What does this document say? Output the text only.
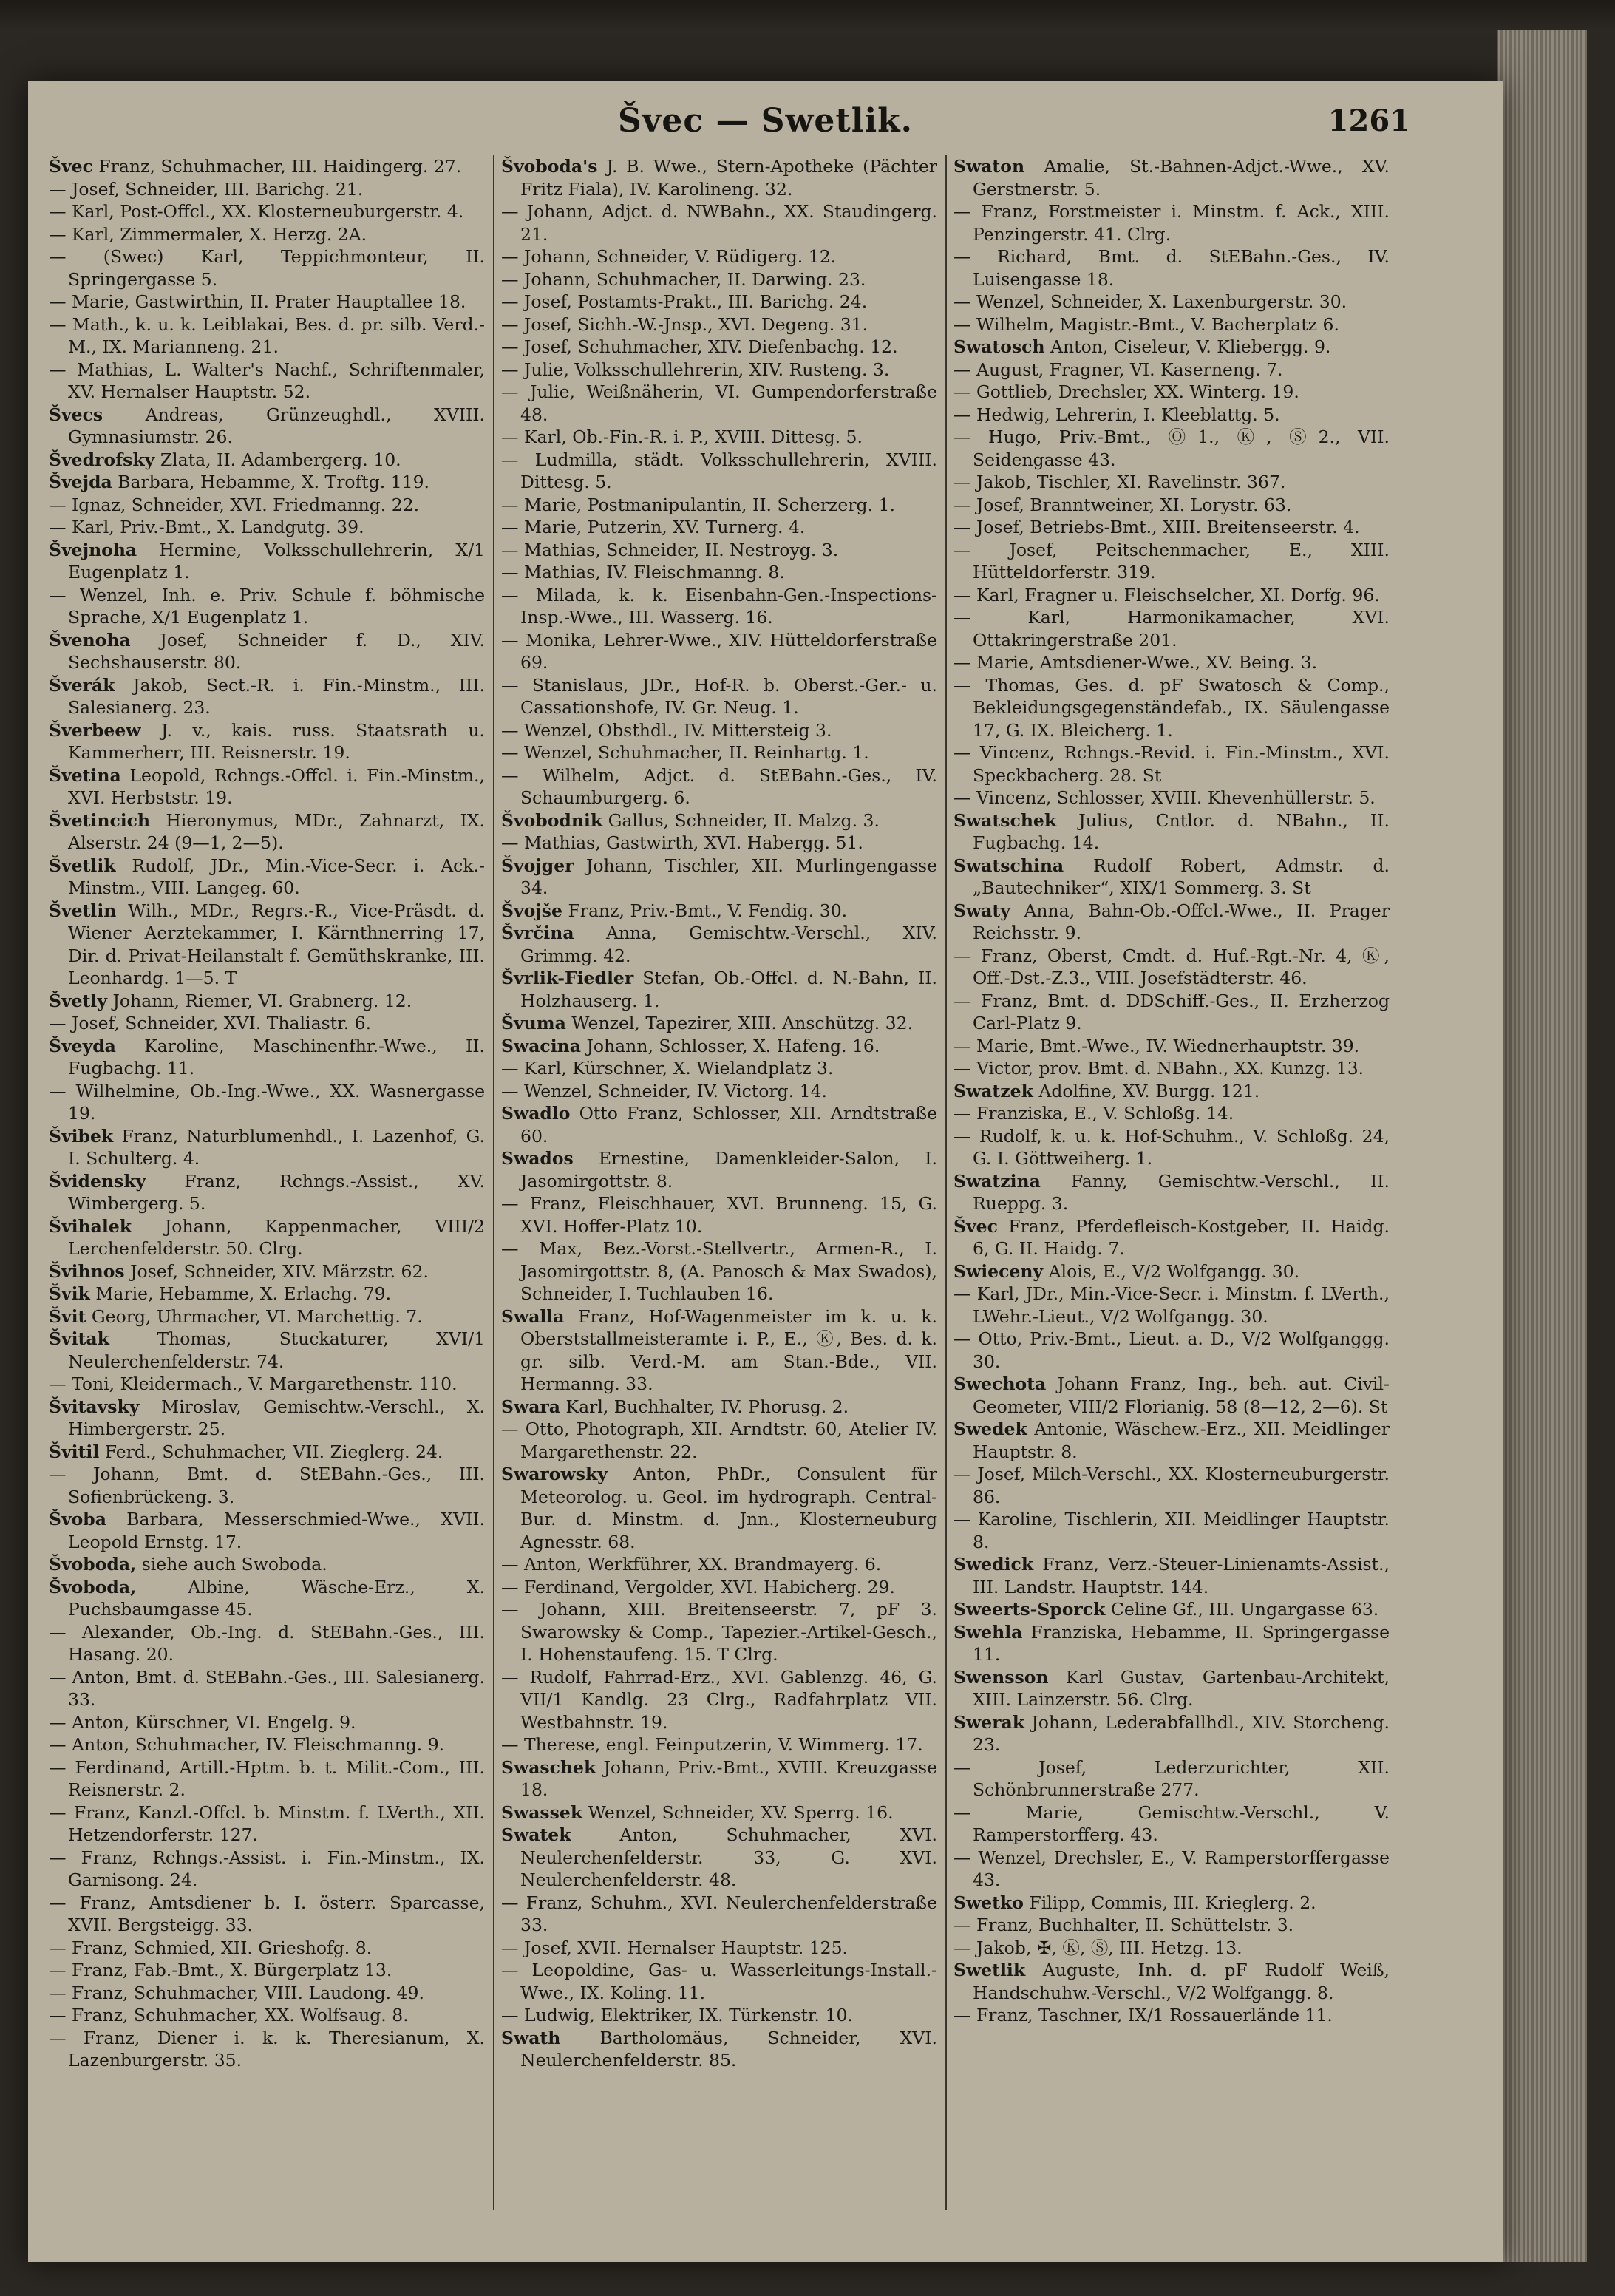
Švec — Swetlik.	1261

Švec Franz, Schuhmacher, III. Haidingerg. 27.

— Josef, Schneider, III. Barichg. 21.

— Karl, Post-Offcl., XX. Klosterneuburgerstr. 4.

— Karl, Zimmermaler, X. Herzg. 2A.

— (Swec) Karl, Teppichmonteur, II. Springergasse 5.

— Marie, Gastwirthin, II. Prater Hauptallee 18.

— Math., k. u. k. Leiblakai, Bes. d. pr. silb. Verd.-M., IX. Marianneng. 21.

— Mathias, L. Walter's Nachf., Schriftenmaler, XV. Hernalser Hauptstr. 52.

Švecs Andreas, Grünzeughdl., XVIII. Gymnasiumstr. 26.

Švedrofsky Zlata, II. Adambergerg. 10.

Švejda Barbara, Hebamme, X. Troftg. 119.

— Ignaz, Schneider, XVI. Friedmanng. 22.

— Karl, Priv.-Bmt., X. Landgutg. 39.

Švejnoha Hermine, Volksschullehrerin, X/1 Eugenplatz 1.

— Wenzel, Inh. e. Priv. Schule f. böhmische Sprache, X/1 Eugenplatz 1.

Švenoha Josef, Schneider f. D., XIV. Sechshauserstr. 80.

Šverák Jakob, Sect.-R. i. Fin.-Minstm., III. Salesianerg. 23.

Šverbeew J. v., kais. russ. Staatsrath u. Kammerherr, III. Reisnerstr. 19.

Švetina Leopold, Rchngs.-Offcl. i. Fin.-Minstm., XVI. Herbststr. 19.

Švetincich Hieronymus, MDr., Zahnarzt, IX. Alserstr. 24 (9—1, 2—5).

Švetlik Rudolf, JDr., Min.-Vice-Secr. i. Ack.-Minstm., VIII. Langeg. 60.

Švetlin Wilh., MDr., Regrs.-R., Vice-Präsdt. d. Wiener Aerztekammer, I. Kärnthnerring 17, Dir. d. Privat-Heilanstalt f. Gemüthskranke, III. Leonhardg. 1—5. T

Švetly Johann, Riemer, VI. Grabnerg. 12.

— Josef, Schneider, XVI. Thaliastr. 6.

Šveyda Karoline, Maschinenfhr.-Wwe., II. Fugbachg. 11.

— Wilhelmine, Ob.-Ing.-Wwe., XX. Wasnergasse 19.

Švibek Franz, Naturblumenhdl., I. Lazenhof, G. I. Schulterg. 4.

Švidensky Franz, Rchngs.-Assist., XV. Wimbergerg. 5.

Švihalek Johann, Kappenmacher, VIII/2 Lerchenfelderstr. 50. Clrg.

Švihnos Josef, Schneider, XIV. Märzstr. 62.

Švik Marie, Hebamme, X. Erlachg. 79.

Švit Georg, Uhrmacher, VI. Marchettig. 7.

Švitak	Thomas, Stuckaturer, XVI/1 Neulerchenfelderstr. 74.

— Toni, Kleidermach., V. Margarethenstr. 110.

Švitavsky Miroslav, Gemischtw.-Verschl., X. Himbergerstr. 25.

Švitil Ferd., Schuhmacher, VII. Zieglerg. 24.

— Johann, Bmt. d. StEBahn.-Ges., III. Sofienbrückeng. 3.

Švoba Barbara, Messerschmied-Wwe., XVII. Leopold Ernstg. 17.

Švoboda, siehe auch Swoboda.

Švoboda,	Albine, Wäsche-Erz., X. Puchsbaumgasse 45.

— Alexander, Ob.-Ing. d. StEBahn.-Ges., III. Hasang. 20.

— Anton, Bmt. d. StEBahn.-Ges., III. Salesianerg. 33.

— Anton, Kürschner, VI. Engelg. 9.

— Anton, Schuhmacher, IV. Fleischmanng. 9.

— Ferdinand, Artill.-Hptm. b. t. Milit.-Com., III. Reisnerstr. 2.

— Franz, Kanzl.-Offcl. b. Minstm. f. LVerth., XII. Hetzendorferstr. 127.

— Franz, Rchngs.-Assist. i. Fin.-Minstm., IX. Garnisong. 24.

— Franz, Amtsdiener b. I. österr. Sparcasse, XVII. Bergsteigg. 33.

— Franz, Schmied, XII. Grieshofg. 8.

— Franz, Fab.-Bmt., X. Bürgerplatz 13.

— Franz, Schuhmacher, VIII. Laudong. 49.

— Franz, Schuhmacher, XX. Wolfsaug. 8.

— Franz, Diener i. k. k. Theresianum, X. Lazenburgerstr. 35.

Švoboda's J. B. Wwe., Stern-Apotheke (Pächter Fritz Fiala), IV. Karolineng. 32.

— Johann, Adjct. d. NWBahn., XX. Staudingerg. 21.

— Johann, Schneider, V. Rüdigerg. 12.

— Johann, Schuhmacher, II. Darwing. 23.

— Josef, Postamts-Prakt., III. Barichg. 24.

— Josef, Sichh.-W.-Jnsp., XVI. Degeng. 31.

— Josef, Schuhmacher, XIV. Diefenbachg. 12.

— Julie, Volksschullehrerin, XIV. Rusteng. 3.

— Julie, Weißnäherin, VI. Gumpendorferstraße 48.

— Karl, Ob.-Fin.-R. i. P., XVIII. Dittesg. 5.

— Ludmilla, städt. Volksschullehrerin, XVIII. Dittesg. 5.

— Marie, Postmanipulantin, II. Scherzerg. 1.

— Marie, Putzerin, XV. Turnerg. 4.

— Mathias, Schneider, II. Nestroyg. 3.

— Mathias, IV. Fleischmanng. 8.

— Milada, k. k. Eisenbahn-Gen.-Inspections-Insp.-Wwe., III. Wasserg. 16.

— Monika, Lehrer-Wwe., XIV. Hütteldorferstraße 69.

— Stanislaus, JDr., Hof-R. b. Oberst.-Ger.- u. Cassationshofe, IV. Gr. Neug. 1.

— Wenzel, Obsthdl., IV. Mittersteig 3.

— Wenzel, Schuhmacher, II. Reinhartg. 1.

— Wilhelm, Adjct. d. StEBahn.-Ges., IV. Schaumburgerg. 6.

Švobodnik Gallus, Schneider, II. Malzg. 3.

— Mathias, Gastwirth, XVI. Habergg. 51.

Švojger Johann, Tischler, XII. Murlingengasse 34.

Švojše Franz, Priv.-Bmt., V. Fendig. 30.

Švrčina Anna, Gemischtw.-Verschl., XIV. Grimmg. 42.

Švrlik-Fiedler Stefan, Ob.-Offcl. d. N.-Bahn, II. Holzhauserg. 1.

Švuma Wenzel, Tapezirer, XIII. Anschützg. 32.

Swacina Johann, Schlosser, X. Hafeng. 16.

— Karl, Kürschner, X. Wielandplatz 3.

— Wenzel, Schneider, IV. Victorg. 14.

Swadlo Otto Franz, Schlosser, XII. Arndtstraße 60.

Swados Ernestine, Damenkleider-Salon, I. Jasomirgottstr. 8.

— Franz, Fleischhauer, XVI. Brunneng. 15, G. XVI. Hoffer-Platz 10.

— Max, Bez.-Vorst.-Stellvertr., Armen-R., I. Jasomirgottstr. 8, (A. Panosch & Max Swados), Schneider, I. Tuchlauben 16.

Swalla Franz, Hof-Wagenmeister im k. u. k. Oberststallmeisteramte i. P., E., Ⓚ, Bes. d. k. gr. silb. Verd.-M. am Stan.-Bde., VII. Hermanng. 33.

Swara Karl, Buchhalter, IV. Phorusg. 2.

— Otto, Photograph, XII. Arndtstr. 60, Atelier IV. Margarethenstr. 22.

Swarowsky Anton, PhDr., Consulent für Meteorolog. u. Geol. im hydrograph. Central-Bur. d. Minstm. d. Jnn., Klosterneuburg Agnesstr. 68.

— Anton, Werkführer, XX. Brandmayerg. 6.

— Ferdinand, Vergolder, XVI. Habicherg. 29.

— Johann, XIII. Breitenseerstr. 7, pF 3. Swarowsky & Comp., Tapezier.-Artikel-Gesch., I. Hohenstaufeng. 15. T Clrg.

— Rudolf, Fahrrad-Erz., XVI. Gablenzg. 46, G. VII/1 Kandlg. 23 Clrg., Radfahrplatz VII. Westbahnstr. 19.

— Therese, engl. Feinputzerin, V. Wimmerg. 17.

Swaschek Johann, Priv.-Bmt., XVIII. Kreuzgasse 18.

Swassek Wenzel, Schneider, XV. Sperrg. 16.

Swatek	Anton, Schuhmacher, XVI. Neulerchenfelderstr. 33, G. XVI. Neulerchenfelderstr. 48.

— Franz, Schuhm., XVI. Neulerchenfelderstraße 33.

— Josef, XVII. Hernalser Hauptstr. 125.

— Leopoldine, Gas- u. Wasserleitungs-Install.-Wwe., IX. Koling. 11.

— Ludwig, Elektriker, IX. Türkenstr. 10.

Swath Bartholomäus, Schneider, XVI. Neulerchenfelderstr. 85.

Swaton Amalie, St.-Bahnen-Adjct.-Wwe., XV. Gerstnerstr. 5.

— Franz, Forstmeister i. Minstm. f. Ack., XIII. Penzingerstr. 41. Clrg.

— Richard, Bmt. d. StEBahn.-Ges., IV. Luisengasse 18.

— Wenzel, Schneider, X. Laxenburgerstr. 30.

— Wilhelm, Magistr.-Bmt., V. Bacherplatz 6.

Swatosch Anton, Ciseleur, V. Kliebergg. 9.

— August, Fragner, VI. Kaserneng. 7.

— Gottlieb, Drechsler, XX. Winterg. 19.

— Hedwig, Lehrerin, I. Kleeblattg. 5.

— Hugo, Priv.-Bmt., Ⓞ1., Ⓚ, Ⓢ2., VII. Seidengasse 43.

— Jakob, Tischler, XI. Ravelinstr. 367.

— Josef, Branntweiner, XI. Lorystr. 63.

— Josef, Betriebs-Bmt., XIII. Breitenseerstr. 4.

— Josef, Peitschenmacher, E., XIII. Hütteldorferstr. 319.

— Karl, Fragner u. Fleischselcher, XI. Dorfg. 96.

— Karl, Harmonikamacher, XVI. Ottakringerstraße 201.

— Marie, Amtsdiener-Wwe., XV. Being. 3.

— Thomas, Ges. d. pF Swatosch & Comp., Bekleidungsgegenständefab., IX. Säulengasse 17, G. IX. Bleicherg. 1.

— Vincenz, Rchngs.-Revid. i. Fin.-Minstm., XVI. Speckbacherg. 28. St

— Vincenz, Schlosser, XVIII. Khevenhüllerstr. 5.

Swatschek Julius, Cntlor. d. NBahn., II. Fugbachg. 14.

Swatschina Rudolf Robert, Admstr. d. „Bautechniker“, XIX/1 Sommerg. 3. St

Swaty Anna, Bahn-Ob.-Offcl.-Wwe., II. Prager Reichsstr. 9.

— Franz, Oberst, Cmdt. d. Huf.-Rgt.-Nr. 4, Ⓚ, Off.-Dst.-Z.3., VIII. Josefstädterstr. 46.

— Franz, Bmt. d. DDSchiff.-Ges., II. Erzherzog Carl-Platz 9.

— Marie, Bmt.-Wwe., IV. Wiednerhauptstr. 39.

— Victor, prov. Bmt. d. NBahn., XX. Kunzg. 13.

Swatzek Adolfine, XV. Burgg. 121.

— Franziska, E., V. Schloßg. 14.

— Rudolf, k. u. k. Hof-Schuhm., V. Schloßg. 24, G. I. Göttweiherg. 1.

Swatzina Fanny, Gemischtw.-Verschl., II. Rueppg. 3.

Švec Franz, Pferdefleisch-Kostgeber, II. Haidg. 6, G. II. Haidg. 7.

Swieceny Alois, E., V/2 Wolfgangg. 30.

— Karl, JDr., Min.-Vice-Secr. i. Minstm. f. LVerth., LWehr.-Lieut., V/2 Wolfgangg. 30.

— Otto, Priv.-Bmt., Lieut. a. D., V/2 Wolfganggg. 30.

Swechota Johann Franz, Ing., beh. aut. Civil-Geometer, VIII/2 Florianig. 58 (8—12, 2—6). St

Swedek Antonie, Wäschew.-Erz., XII. Meidlinger Hauptstr. 8.

— Josef, Milch-Verschl., XX. Klosterneuburgerstr. 86.

— Karoline, Tischlerin, XII. Meidlinger Hauptstr. 8.

Swedick Franz, Verz.-Steuer-Linienamts-Assist., III. Landstr. Hauptstr. 144.

Sweerts-Sporck Celine Gf., III. Ungargasse 63.

Swehla Franziska, Hebamme, II. Springergasse 11.

Swensson Karl Gustav, Gartenbau-Architekt, XIII. Lainzerstr. 56. Clrg.

Swerak Johann, Lederabfallhdl., XIV. Storcheng. 23.

— Josef, Lederzurichter, XII. Schönbrunnerstraße 277.

— Marie, Gemischtw.-Verschl., V. Ramperstorfferg. 43.

— Wenzel, Drechsler, E., V. Ramperstorffergasse 43.

Swetko Filipp, Commis, III. Krieglerg. 2.

— Franz, Buchhalter, II. Schüttelstr. 3.

— Jakob, ✠, Ⓚ, Ⓢ, III. Hetzg. 13.

Swetlik Auguste, Inh. d. pF Rudolf Weiß, Handschuhw.-Verschl., V/2 Wolfgangg. 8.

— Franz, Taschner, IX/1 Rossauerlände 11.
